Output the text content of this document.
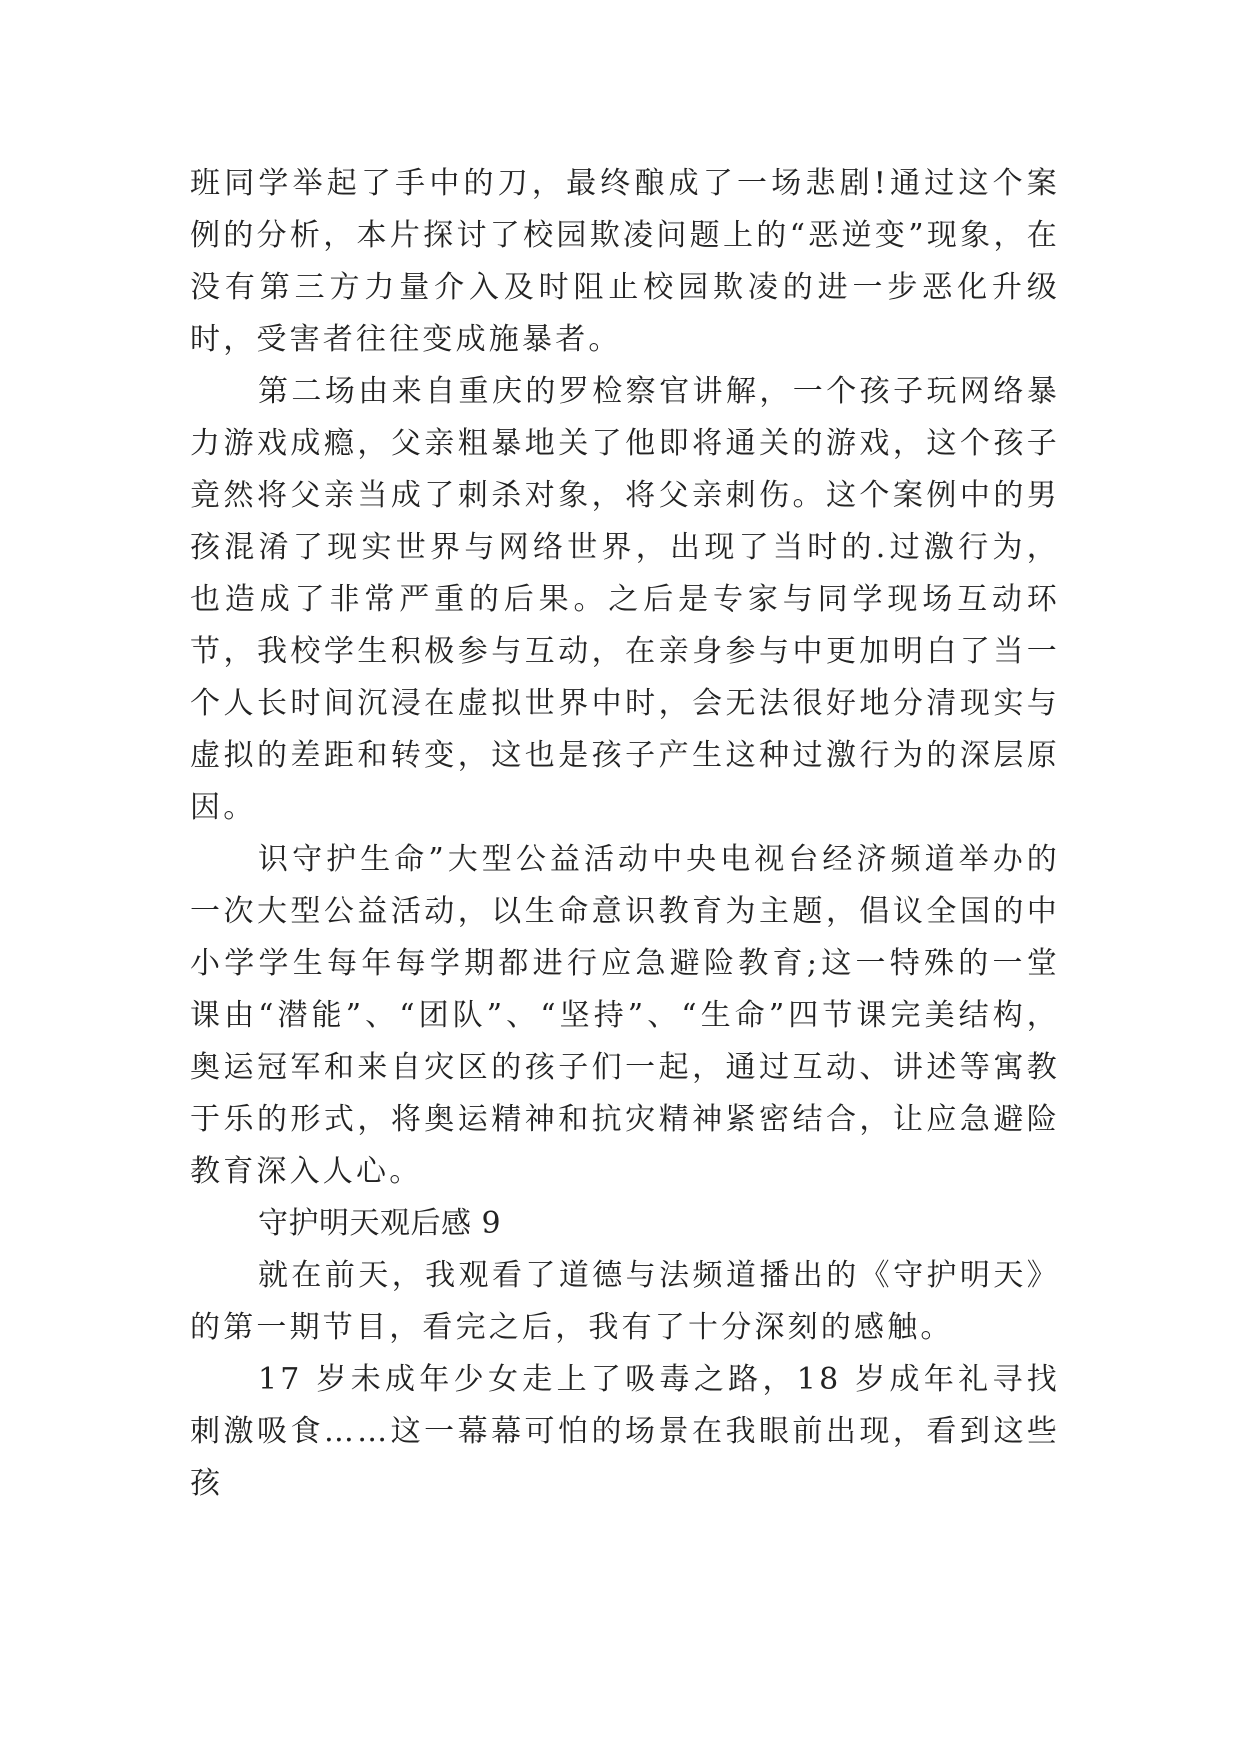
班同学举起了手中的刀，最终酿成了一场悲剧!通过这个案例的分析，本片探讨了校园欺凌问题上的“恶逆变”现象，在没有第三方力量介入及时阻止校园欺凌的进一步恶化升级时，受害者往往变成施暴者。

第二场由来自重庆的罗检察官讲解，一个孩子玩网络暴力游戏成瘾，父亲粗暴地关了他即将通关的游戏，这个孩子竟然将父亲当成了刺杀对象，将父亲刺伤。这个案例中的男孩混淆了现实世界与网络世界，出现了当时的.过激行为，也造成了非常严重的后果。之后是专家与同学现场互动环节，我校学生积极参与互动，在亲身参与中更加明白了当一个人长时间沉浸在虚拟世界中时，会无法很好地分清现实与虚拟的差距和转变，这也是孩子产生这种过激行为的深层原因。

识守护生命”大型公益活动中央电视台经济频道举办的一次大型公益活动，以生命意识教育为主题，倡议全国的中小学学生每年每学期都进行应急避险教育;这一特殊的一堂课由“潜能”、“团队”、“坚持”、“生命”四节课完美结构，奥运冠军和来自灾区的孩子们一起，通过互动、讲述等寓教于乐的形式，将奥运精神和抗灾精神紧密结合，让应急避险教育深入人心。

守护明天观后感 9

就在前天，我观看了道德与法频道播出的《守护明天》的第一期节目，看完之后，我有了十分深刻的感触。

17 岁未成年少女走上了吸毒之路，18 岁成年礼寻找刺激吸食……这一幕幕可怕的场景在我眼前出现，看到这些孩
